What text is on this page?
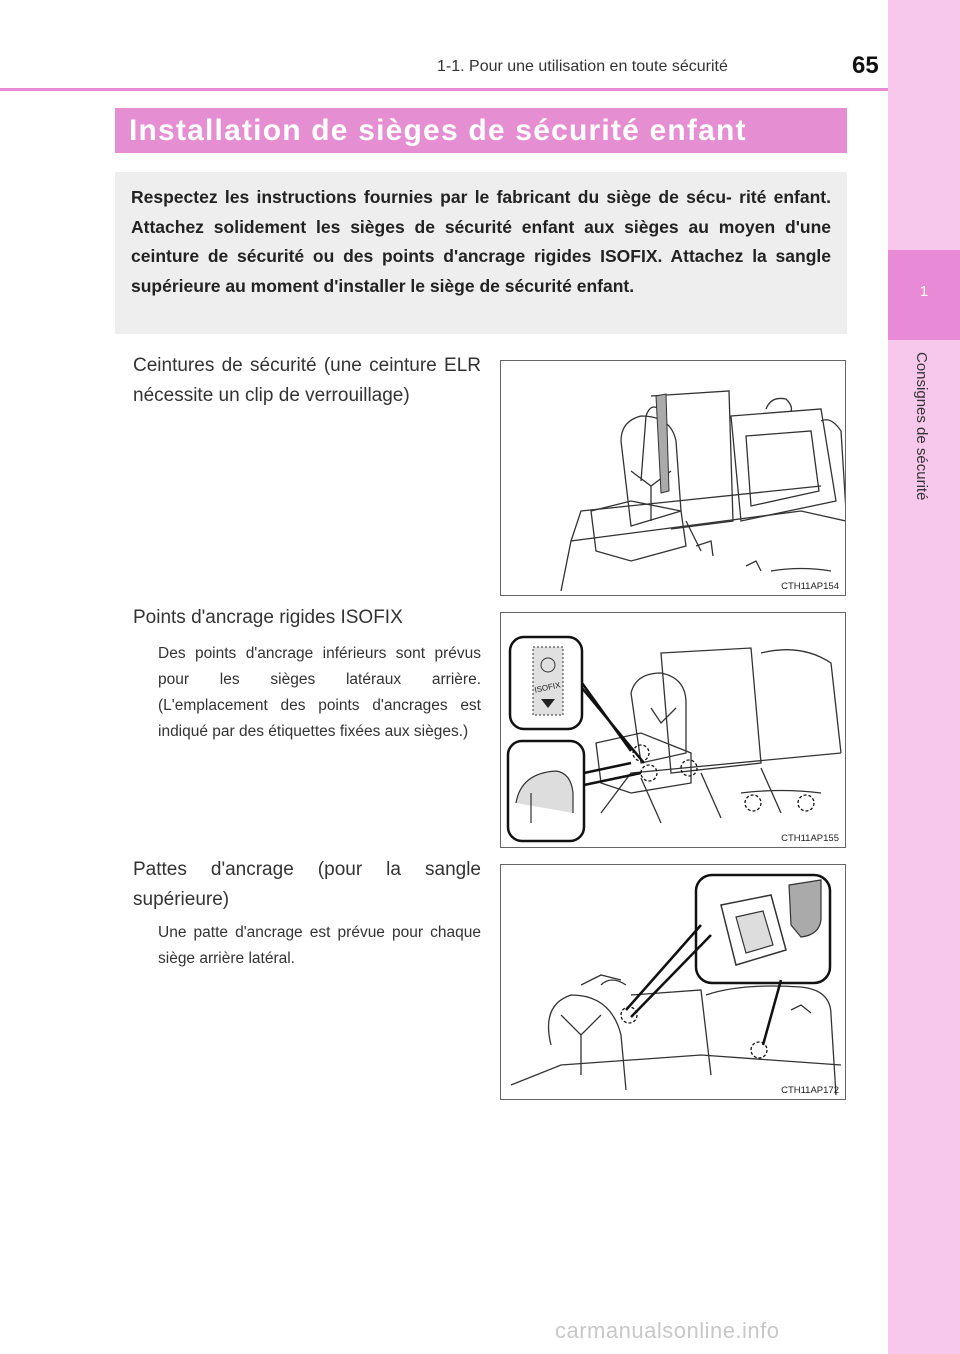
1-1. Pour une utilisation en toute sécurité	65
1
Consignes de sécurité
Installation de sièges de sécurité enfant
Respectez les instructions fournies par le fabricant du siège de sécu- rité enfant. Attachez solidement les sièges de sécurité enfant aux sièges au moyen d'une ceinture de sécurité ou des points d'ancrage rigides ISOFIX. Attachez la sangle supérieure au moment d'installer le siège de sécurité enfant.
Ceintures de sécurité (une ceinture ELR nécessite un clip de verrouillage)
CTH11AP154
Points d'ancrage rigides ISOFIX
Des points d'ancrage inférieurs sont prévus pour les sièges latéraux arrière. (L'emplacement des points d'ancrages est indiqué par des étiquettes fixées aux sièges.)
ISOFIX
CTH11AP155
Pattes d'ancrage (pour la sangle supérieure)
Une patte d'ancrage est prévue pour chaque siège arrière latéral.
CTH11AP172
carmanualsonline.info
